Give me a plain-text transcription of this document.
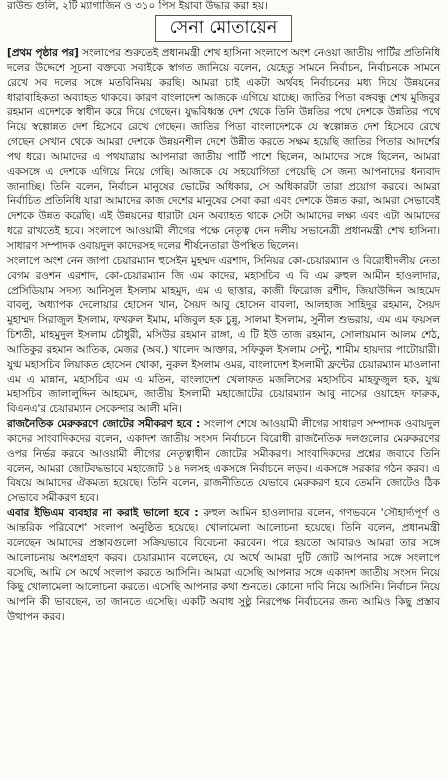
রাউন্ড গুলি, ২টি ম্যাগাজিন ও ৩১০ পিস ইয়াবা উদ্ধার করা হয়।
সেনা মোতায়েন

[প্রথম পৃষ্ঠার পর] সংলাপের শুরুতেই প্রধানমন্ত্রী শেখ হাসিনা সংলাপে অংশ নেওয়া জাতীয় পার্টির প্রতিনিধি দলের উদ্দেশে সূচনা বক্তব্যে সবাইকে স্বাগত জানিয়ে বলেন, যেহেতু সামনে নির্বাচন, নির্বাচনকে সামনে রেখে সব দলের সঙ্গে মতবিনিময় করছি। আমরা চাই একটা অর্থবহ নির্বাচনের মধ্য দিয়ে উন্নয়নের ধারাবাহিকতা অব্যাহত থাকবে। কারণ বাংলাদেশ আজকে এগিয়ে যাচ্ছে। জাতির পিতা বঙ্গবন্ধু শেখ মুজিবুর রহমান এদেশকে স্বাধীন করে দিয়ে গেছেন। যুদ্ধবিধ্বস্ত দেশ থেকে তিনি উন্নতির পথে দেশকে উন্নতির পথে নিয়ে স্বল্পোন্নত দেশ হিসেবে রেখে গেছেন। জাতির পিতা বাংলাদেশকে যে স্বল্পোন্নত দেশ হিসেবে রেখে গেছেন সেখান থেকে আমরা দেশকে উন্নয়নশীল দেশে উন্নীত করতে সক্ষম হয়েছি জাতির পিতার আদর্শের পথ ধরে। আমাদের এ পথযাত্রায় আপনারা জাতীয় পার্টি পাশে ছিলেন, আমাদের সঙ্গে ছিলেন, আমরা একসঙ্গে এ দেশকে এগিয়ে নিয়ে গেছি। আজকে যে সহযোগিতা পেয়েছি সে জন্য আপনাদের ধন্যবাদ জানাচ্ছি। তিনি বলেন, নির্বাচন মানুষের ভোটের অধিকার, সে অধিকারটা তারা প্রয়োগ করবে। আমরা নির্বাচিত প্রতিনিধি যারা আমাদের কাজ দেশের মানুষের সেবা করা এবং দেশকে উন্নত করা, আমরা সেভাবেই দেশকে উন্নত করেছি। এই উন্নয়নের ধারাটা যেন অব্যাহত থাকে সেটা আমাদের লক্ষ্য এবং এটা আমাদের ধরে রাখতেই হবে। সংলাপে আওয়ামী লীগের পক্ষে নেতৃত্ব দেন দলীয় সভানেত্রী প্রধানমন্ত্রী শেখ হাসিনা। সাধারণ সম্পাদক ওবায়দুল কাদেরসহ দলের শীর্ষনেতারা উপস্থিত ছিলেন।

সংলাপে অংশ নেন জাপা চেয়ারম্যান হুসেইন মুহম্মদ এরশাদ, সিনিয়র কো-চেয়ারম্যান ও বিরোধীদলীয় নেতা বেগম রওশন এরশাদ, কো-চেয়ারম্যান জি এম কাদের, মহাসচিব এ বি এম রুহুল আমীন হাওলাদার, প্রেসিডিয়াম সদস্য আনিসুল ইসলাম মাহমুদ, এম এ ছাত্তার, কাজী ফিরোজ রশীদ, জিয়াউদ্দিন আহমেদ বাবলু, অধ্যাপক দেলোয়ার হোসেন খান, সৈয়দ আবু হোসেন বাবলা, আলহাজ সাহিদুর রহমান, সৈয়দ মুহাম্মদ সিরাজুল ইসলাম, ফখরুল ইমাম, মজিবুল হক চুন্নু, সালমা ইসলাম, সুনীল শুভরায়, এম এম ফয়সল চিশতী, মাহমুদুল ইসলাম চৌধুরী, মসিউর রহমান রাঙ্গা, এ টি ইউ তাজ রহমান, সোলায়মান আলম শেঠ, আতিকুর রহমান আতিক, মেজর (অব.) খালেদ আক্তার, সফিকুল ইসলাম সেন্টু, শামীম হায়দার পাটোয়ারী। যুগ্ম মহাসচিব লিয়াকত হোসেন খোকা, নুরুল ইসলাম ওমর, বাংলাদেশ ইসলামী ফ্রন্টের চেয়ারম্যান মাওলানা এম এ মান্নান, মহাসচিব এম এ মতিন, বাংলাদেশ খেলাফত মজলিসের মহাসচিব মাহফুজুল হক, যুগ্ম মহাসচিব জালালুদ্দিন আহমেদ, জাতীয় ইসলামী মহাজোটের চেয়ারম্যান আবু নাসের ওয়াহেদ ফারুক, বিএনএ'র চেয়ারম্যান সেকেন্দার আলী মনি।

রাজনৈতিক মেরুকরণে জোটের সমীকরণ হবে : সংলাপ শেষে আওয়ামী লীগের সাধারণ সম্পাদক ওবায়দুল কাদের সাংবাদিকদের বলেন, একাদশ জাতীয় সংসদ নির্বাচনে বিরোধী রাজনৈতিক দলগুলোর মেরুকরণের ওপর নির্ভর করবে আওয়ামী লীগের নেতৃত্বাধীন জোটের সমীকরণ। সাংবাদিকদের প্রশ্নের জবাবে তিনি বলেন, আমরা জোটবদ্ধভাবে মহাজোট ১৪ দলসহ একসঙ্গে নির্বাচনে লড়ব। একসঙ্গে সরকার গঠন করব। এ বিষয়ে আমাদের ঐকমত্য হয়েছে। তিনি বলেন, রাজনীতিতে যেভাবে মেরুকরণ হবে তেমনি জোটেও ঠিক সেভাবে সমীকরণ হবে।

এবার ইভিএম ব্যবহার না করাই ভালো হবে : রুহুল আমিন হাওলাদার বলেন, গণভবনে 'সৌহার্দ্যপূর্ণ ও আন্তরিক পরিবেশে' সংলাপ অনুষ্ঠিত হয়েছে। খোলামেলা আলোচনা হয়েছে। তিনি বলেন, প্রধানমন্ত্রী বলেছেন আমাদের প্রস্তাবগুলো সক্রিয়ভাবে বিবেচনা করবেন। পরে হয়তো আবারও আমরা তার সঙ্গে আলোচনায় অংশগ্রহণ করব। চেয়ারম্যান বলেছেন, যে অর্থে আমরা দুটি জোট আপনার সঙ্গে সংলাপে বসেছি, আমি সে অর্থে সংলাপ করতে আসিনি। আমরা এসেছি আপনার সঙ্গে একাদশ জাতীয় সংসদ নিয়ে কিছু খোলামেলা আলোচনা করতে। এসেছি আপনার কথা শুনতে। কোনো দাবি নিয়ে আসিনি। নির্বাচন নিয়ে আপনি কী ভাবছেন, তা জানতে এসেছি। একটি অবাধ সুষ্ঠু নিরপেক্ষ নির্বাচনের জন্য আমিও কিছু প্রস্তাব উত্থাপন করব।
